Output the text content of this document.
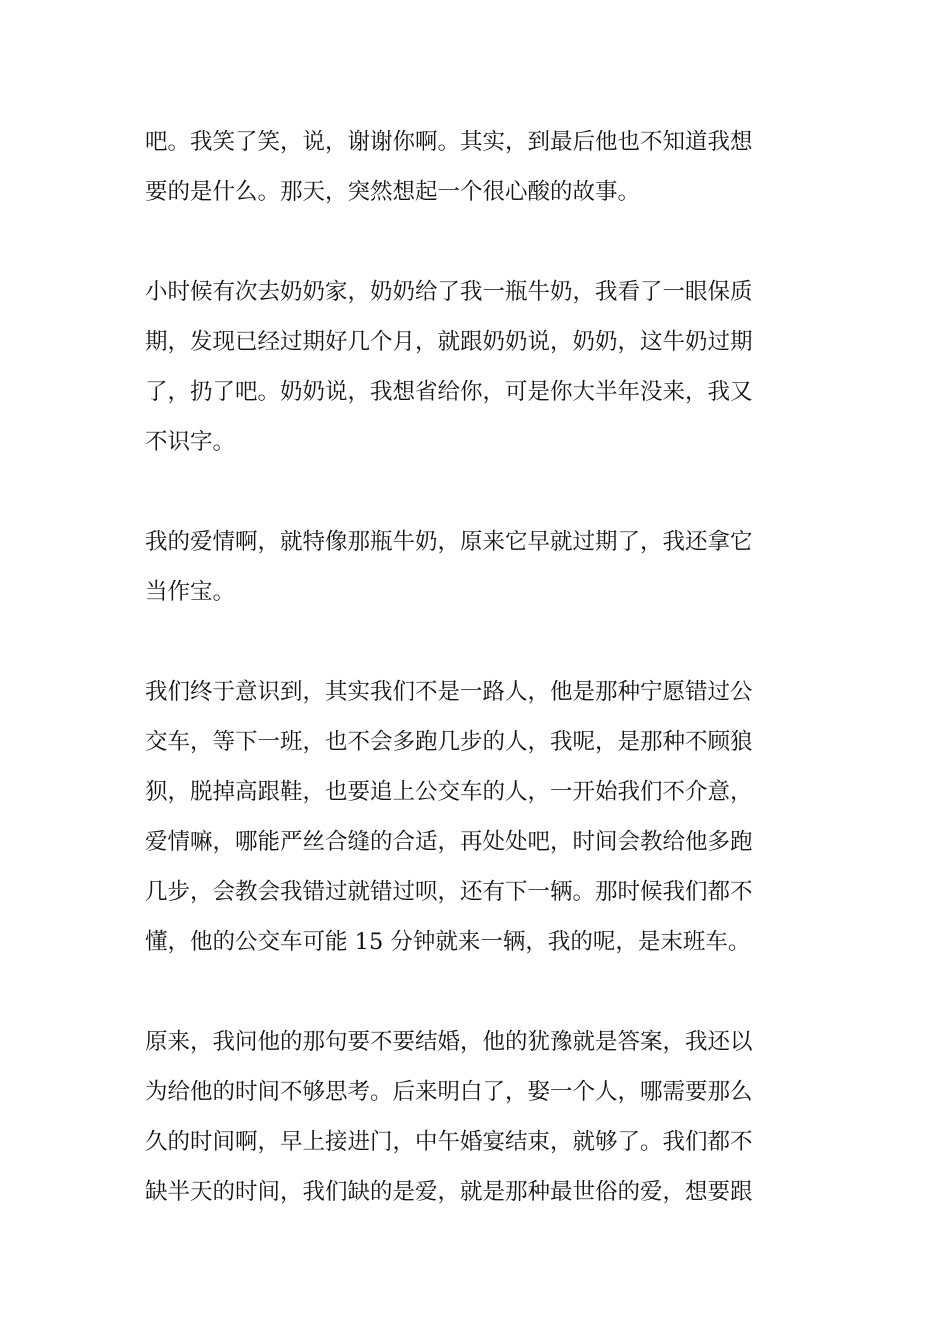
吧。我笑了笑，说，谢谢你啊。其实，到最后他也不知道我想
要的是什么。那天，突然想起一个很心酸的故事。

小时候有次去奶奶家，奶奶给了我一瓶牛奶，我看了一眼保质
期，发现已经过期好几个月，就跟奶奶说，奶奶，这牛奶过期
了，扔了吧。奶奶说，我想省给你，可是你大半年没来，我又
不识字。

我的爱情啊，就特像那瓶牛奶，原来它早就过期了，我还拿它
当作宝。

我们终于意识到，其实我们不是一路人，他是那种宁愿错过公
交车，等下一班，也不会多跑几步的人，我呢，是那种不顾狼
狈，脱掉高跟鞋，也要追上公交车的人，一开始我们不介意，
爱情嘛，哪能严丝合缝的合适，再处处吧，时间会教给他多跑
几步，会教会我错过就错过呗，还有下一辆。那时候我们都不
懂，他的公交车可能 15 分钟就来一辆，我的呢，是末班车。

原来，我问他的那句要不要结婚，他的犹豫就是答案，我还以
为给他的时间不够思考。后来明白了，娶一个人，哪需要那么
久的时间啊，早上接进门，中午婚宴结束，就够了。我们都不
缺半天的时间，我们缺的是爱，就是那种最世俗的爱，想要跟
